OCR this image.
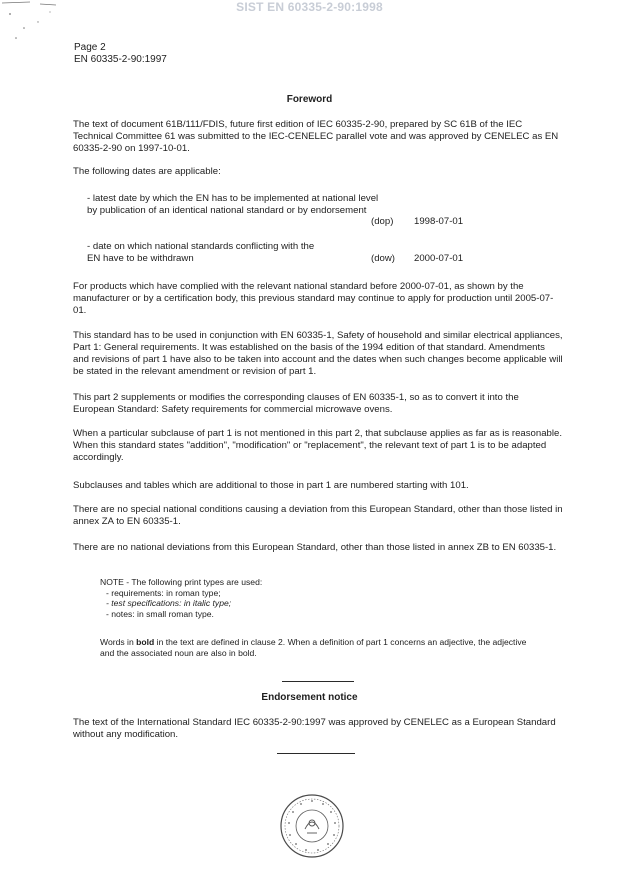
SIST EN 60335-2-90:1998
Page 2
EN 60335-2-90:1997
Foreword

The text of document 61B/111/FDIS, future first edition of IEC 60335-2-90, prepared by SC 61B of the IEC Technical Committee 61 was submitted to the IEC-CENELEC parallel vote and was approved by CENELEC as EN 60335-2-90 on 1997-10-01.

The following dates are applicable:

- latest date by which the EN has to be implemented at national level by publication of an identical national standard or by endorsement
(dop) 1998-07-01
- date on which national standards conflicting with the EN have to be withdrawn	(dow) 2000-07-01

For products which have complied with the relevant national standard before 2000-07-01, as shown by the manufacturer or by a certification body, this previous standard may continue to apply for production until 2005-07-01.

This standard has to be used in conjunction with EN 60335-1, Safety of household and similar electrical appliances, Part 1: General requirements. It was established on the basis of the 1994 edition of that standard. Amendments and revisions of part 1 have also to be taken into account and the dates when such changes become applicable will be stated in the relevant amendment or revision of part 1.

This part 2 supplements or modifies the corresponding clauses of EN 60335-1, so as to convert it into the European Standard: Safety requirements for commercial microwave ovens.

When a particular subclause of part 1 is not mentioned in this part 2, that subclause applies as far as is reasonable. When this standard states "addition", "modification" or "replacement", the relevant text of part 1 is to be adapted accordingly.

Subclauses and tables which are additional to those in part 1 are numbered starting with 101.

There are no special national conditions causing a deviation from this European Standard, other than those listed in annex ZA to EN 60335-1.

There are no national deviations from this European Standard, other than those listed in annex ZB to EN 60335-1.

NOTE - The following print types are used:
- requirements: in roman type;
- test specifications: in italic type;
- notes: in small roman type.

Words in bold in the text are defined in clause 2. When a definition of part 1 concerns an adjective, the adjective and the associated noun are also in bold.

Endorsement notice

The text of the International Standard IEC 60335-2-90:1997 was approved by CENELEC as a European Standard without any modification.
